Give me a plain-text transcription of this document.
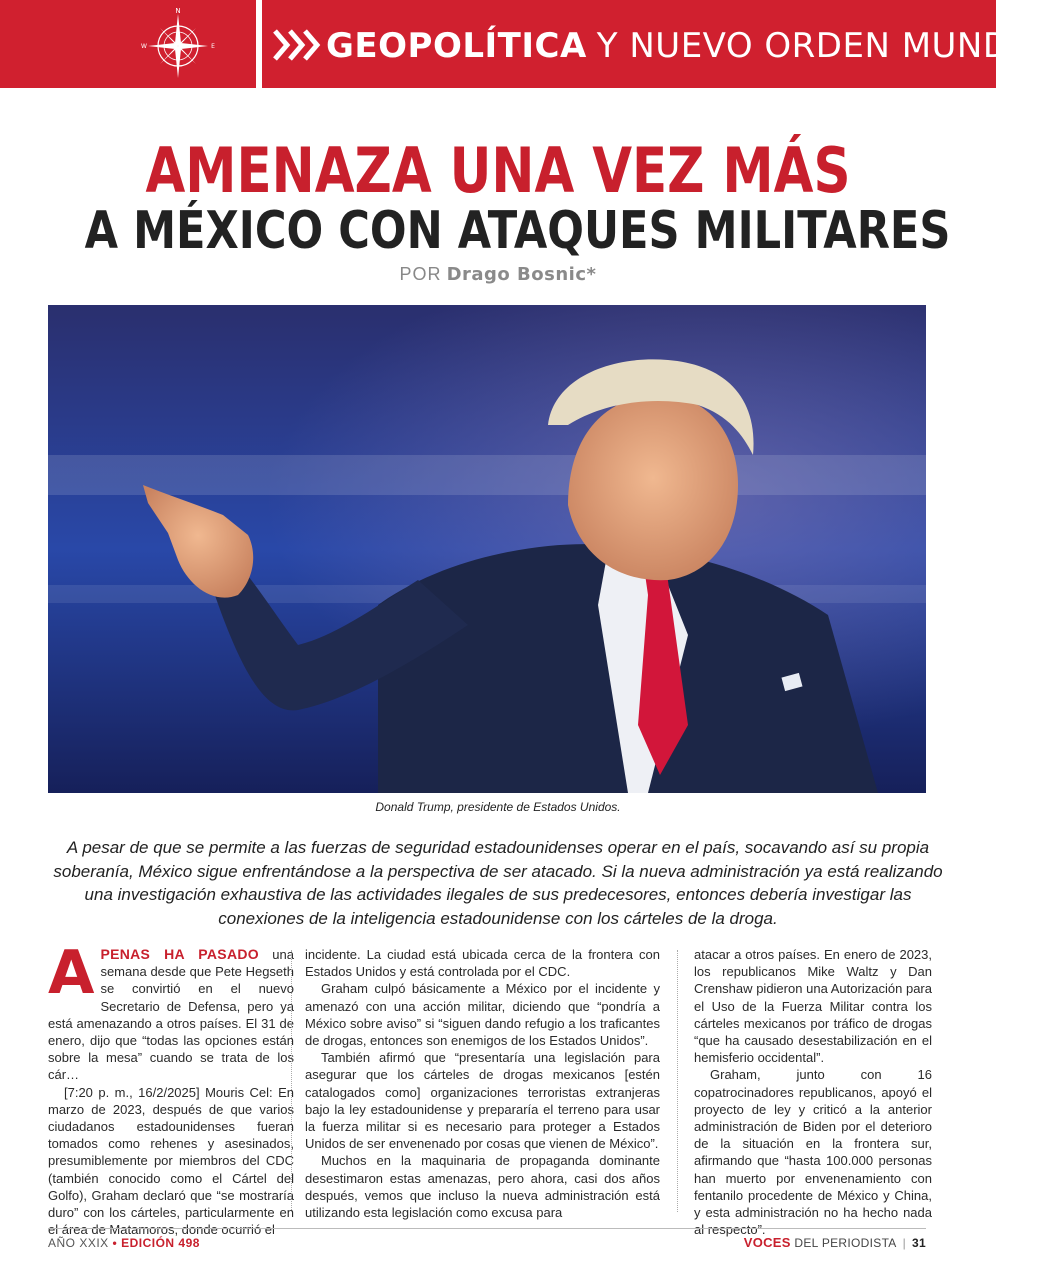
N
W	E	GEOPOLÍTICA Y NUEVO ORDEN MUNDIAL
AMENAZA UNA VEZ MÁS
A MÉXICO CON ATAQUES MILITARES
POR Drago Bosnic*
Donald Trump, presidente de Estados Unidos.

A pesar de que se permite a las fuerzas de seguridad estadounidenses operar en el país, socavando así su propia soberanía, México sigue enfrentándose a la perspectiva de ser atacado. Si la nueva administración ya está realizando una investigación exhaustiva de las actividades ilegales de sus predecesores, entonces debería investigar las conexiones de la inteligencia estadounidense con los cárteles de la droga.

APENAS HA PASADO una semana desde que Pete Hegseth se convirtió en el nuevo Secretario de Defensa, pero ya está amenazando a otros países. El 31 de enero, dijo que “todas las opciones están sobre la mesa” cuando se trata de los cár…

[7:20 p. m., 16/2/2025] Mouris Cel: En marzo de 2023, después de que varios ciudadanos estadounidenses fueran tomados como rehenes y asesinados, presumiblemente por miembros del CDC (también conocido como el Cártel del Golfo), Graham declaró que “se mostraría duro” con los cárteles, particularmente en el área de Matamoros, donde ocurrió el

incidente. La ciudad está ubicada cerca de la frontera con Estados Unidos y está controlada por el CDC.

Graham culpó básicamente a México por el incidente y amenazó con una acción militar, diciendo que “pondría a México sobre aviso” si “siguen dando refugio a los traficantes de drogas, entonces son enemigos de los Estados Unidos”.

También afirmó que “presentaría una legislación para asegurar que los cárteles de drogas mexicanos [estén catalogados como] organizaciones terroristas extranjeras bajo la ley estadounidense y prepararía el terreno para usar la fuerza militar si es necesario para proteger a Estados Unidos de ser envenenado por cosas que vienen de México”.

Muchos en la maquinaria de propaganda dominante desestimaron estas amenazas, pero ahora, casi dos años después, vemos que incluso la nueva administración está utilizando esta legislación como excusa para

atacar a otros países. En enero de 2023, los republicanos Mike Waltz y Dan Crenshaw pidieron una Autorización para el Uso de la Fuerza Militar contra los cárteles mexicanos por tráfico de drogas “que ha causado desestabilización en el hemisferio occidental”.

Graham, junto con 16 copatrocinadores republicanos, apoyó el proyecto de ley y criticó a la anterior administración de Biden por el deterioro de la situación en la frontera sur, afirmando que “hasta 100.000 personas han muerto por envenenamiento con fentanilo procedente de México y China, y esta administración no ha hecho nada al respecto”.

AÑO XXIX • EDICIÓN 498	VOCES DEL PERIODISTA | 31
